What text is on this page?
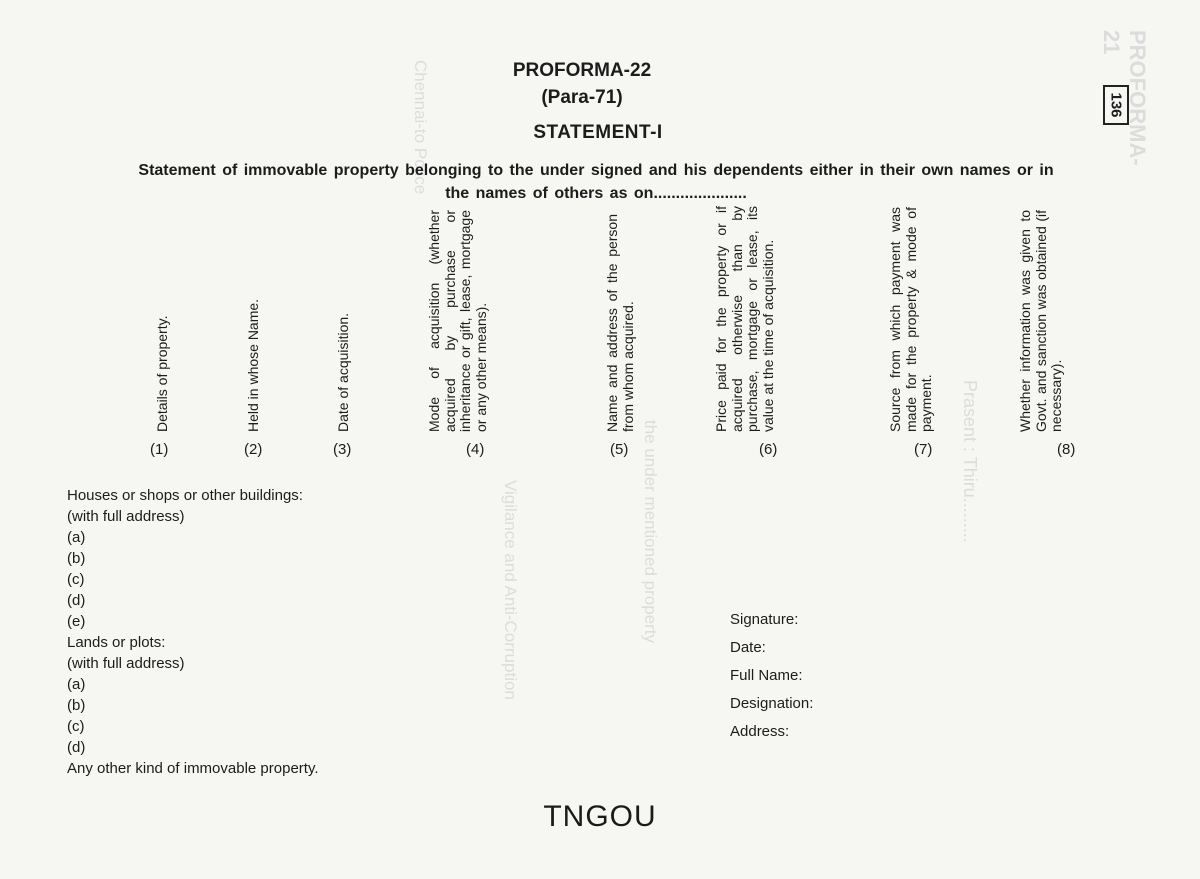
PROFORMA-21
Prasent : Thiru.........
the under mentioned property
Vigilance and Anti-Corruption
Chennai-to Police	136
PROFORMA-22
(Para-71)
STATEMENT-I
Statement of immovable property belonging to the under signed and his dependents either in their own names or in
the names of others as on.....................
Details of property.	Held in whose Name.	Date of acquisition.	Mode of acquisition (whether acquired by purchase or inheritance or gift, lease, mortgage or any other means).	Name and address of the person from whom acquired.	Price paid for the property or if acquired otherwise than by purchase, mortgage or lease, its value at the time of acquisition.	Source from which payment was made for the property & mode of payment.	Whether information was given to Govt. and sanction was obtained (if necessary).
(1)	(2)	(3)	(4)	(5)	(6)	(7)	(8)
Houses or shops or other buildings:
(with full address)
(a)
(b)
(c)
(d)
(e)
Lands or plots:
(with full address)
(a)
(b)
(c)
(d)
Any other kind of immovable property.
Signature:
Date:
Full Name:
Designation:
Address:
TNGOU
